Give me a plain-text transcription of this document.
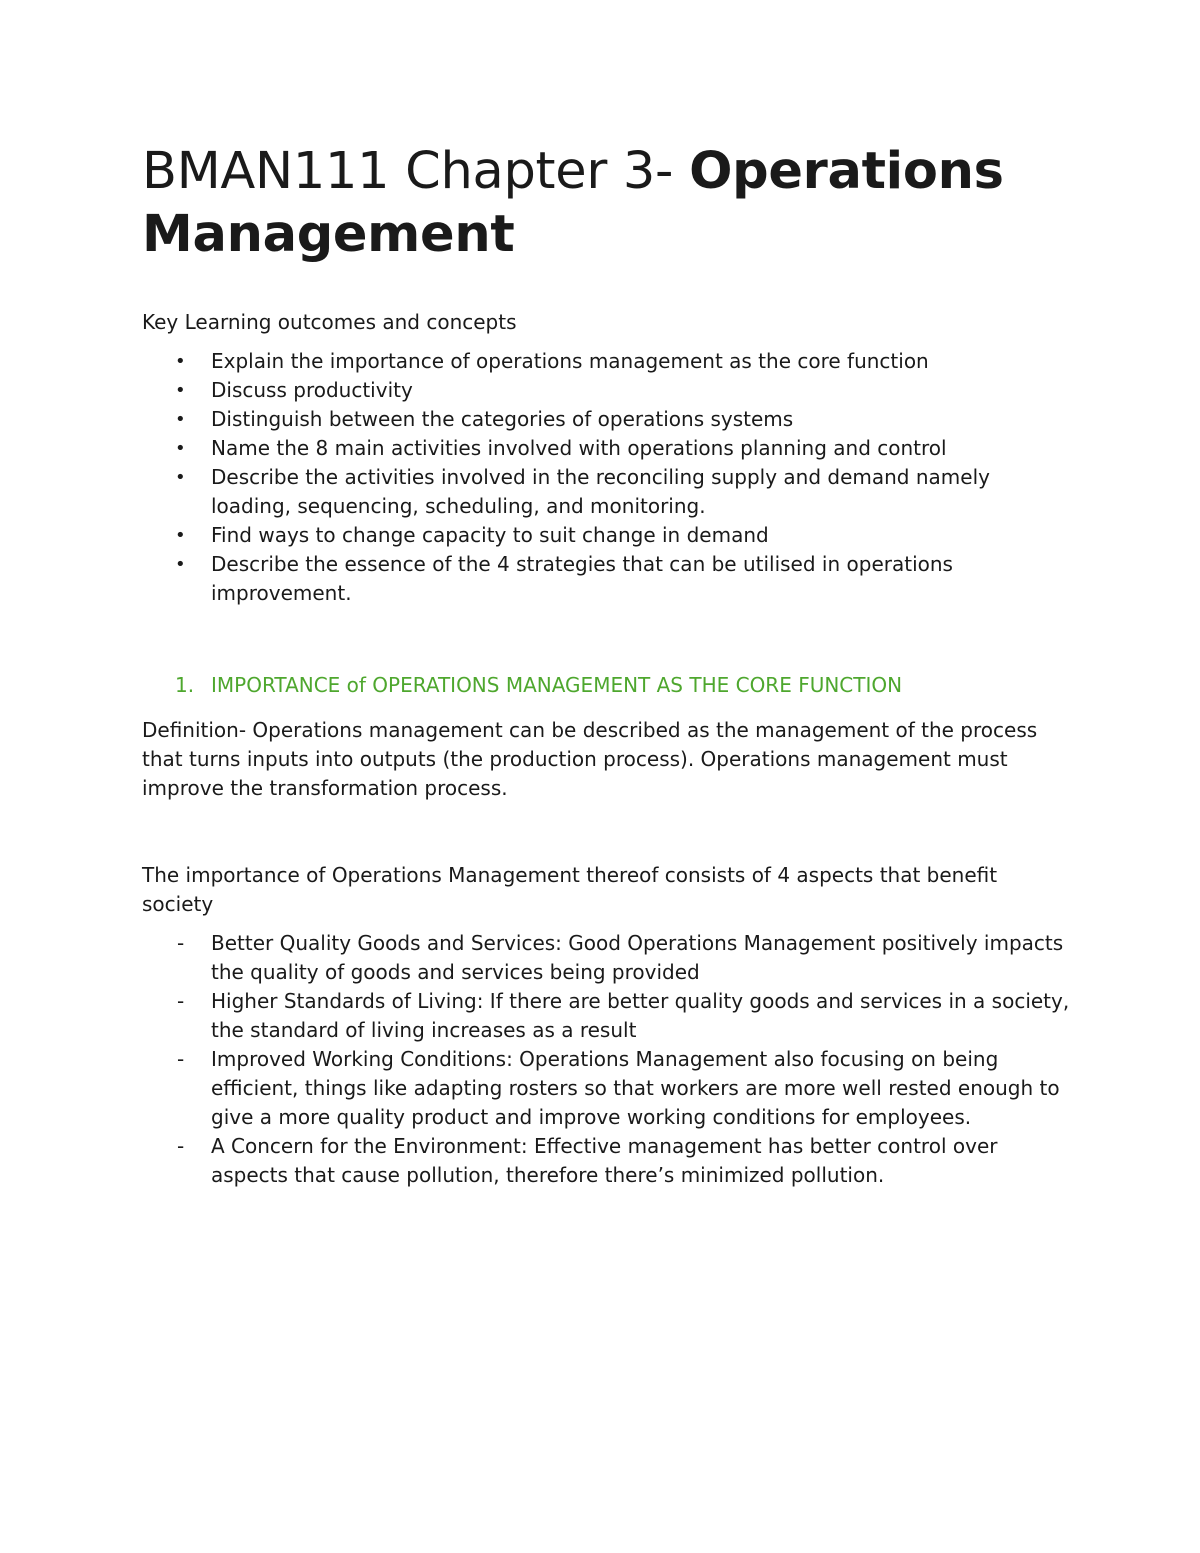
BMAN111 Chapter 3- Operations
Management
Key Learning outcomes and concepts
• Explain the importance of operations management as the core function
• Discuss productivity
• Distinguish between the categories of operations systems
• Name the 8 main activities involved with operations planning and control
• Describe the activities involved in the reconciling supply and demand namely loading, sequencing, scheduling, and monitoring.
• Find ways to change capacity to suit change in demand
• Describe the essence of the 4 strategies that can be utilised in operations improvement.
1. IMPORTANCE of OPERATIONS MANAGEMENT AS THE CORE FUNCTION
Definition- Operations management can be described as the management of the process that turns inputs into outputs (the production process). Operations management must improve the transformation process.
The importance of Operations Management thereof consists of 4 aspects that benefit society
- Better Quality Goods and Services: Good Operations Management positively impacts the quality of goods and services being provided
- Higher Standards of Living: If there are better quality goods and services in a society, the standard of living increases as a result
- Improved Working Conditions: Operations Management also focusing on being efficient, things like adapting rosters so that workers are more well rested enough to give a more quality product and improve working conditions for employees.
- A Concern for the Environment: Effective management has better control over aspects that cause pollution, therefore there’s minimized pollution.
